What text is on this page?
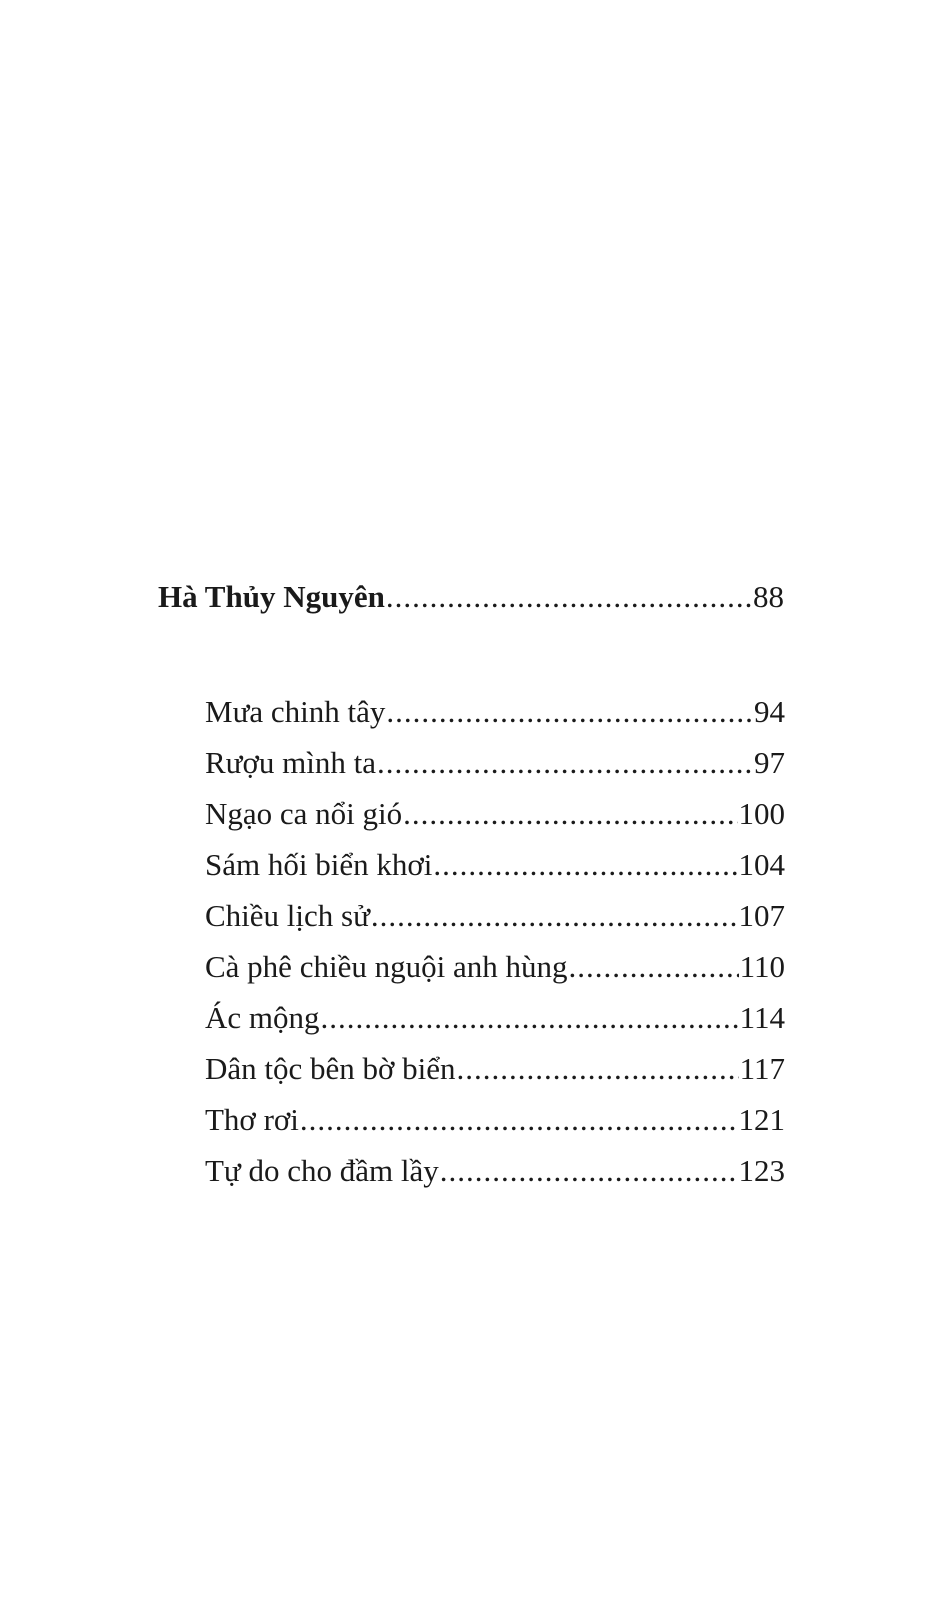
Hà Thủy Nguyên .....	88
Mưa chinh tây .....	94
Rượu mình ta .....	97
Ngạo ca nổi gió .....	100
Sám hối biển khơi .....	104
Chiều lịch sử .....	107
Cà phê chiều nguội anh hùng .....	110
Ác mộng .....	114
Dân tộc bên bờ biển .....	117
Thơ rơi .....	121
Tự do cho đầm lầy .....	123
